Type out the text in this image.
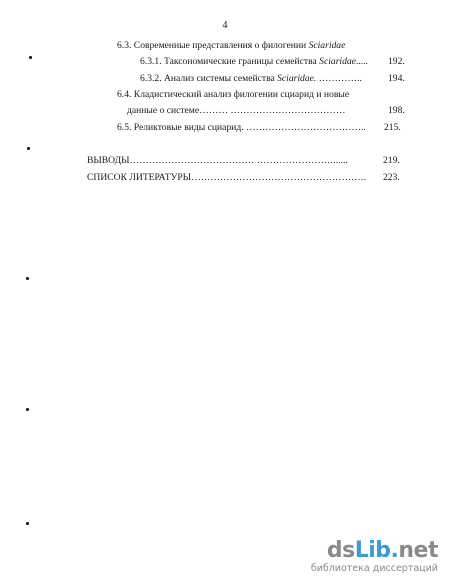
4
6.3. Современные представления о филогении Sciaridae
6.3.1. Таксономические границы семейства Sciaridae..... 192.
6.3.2. Анализ системы семейства Sciaridae. …………..	194.
6.4. Кладистический анализ филогении сциарид и новые
данные о системе……… ………………………………	198.
6.5. Реликтовые виды сциарид. ……………………………….. 215.
ВЫВОДЫ………………………………… ……………………......	219.
СПИСОК ЛИТЕРАТУРЫ………………………………………………. 223.
dsLib.net
библиотека диссертаций
